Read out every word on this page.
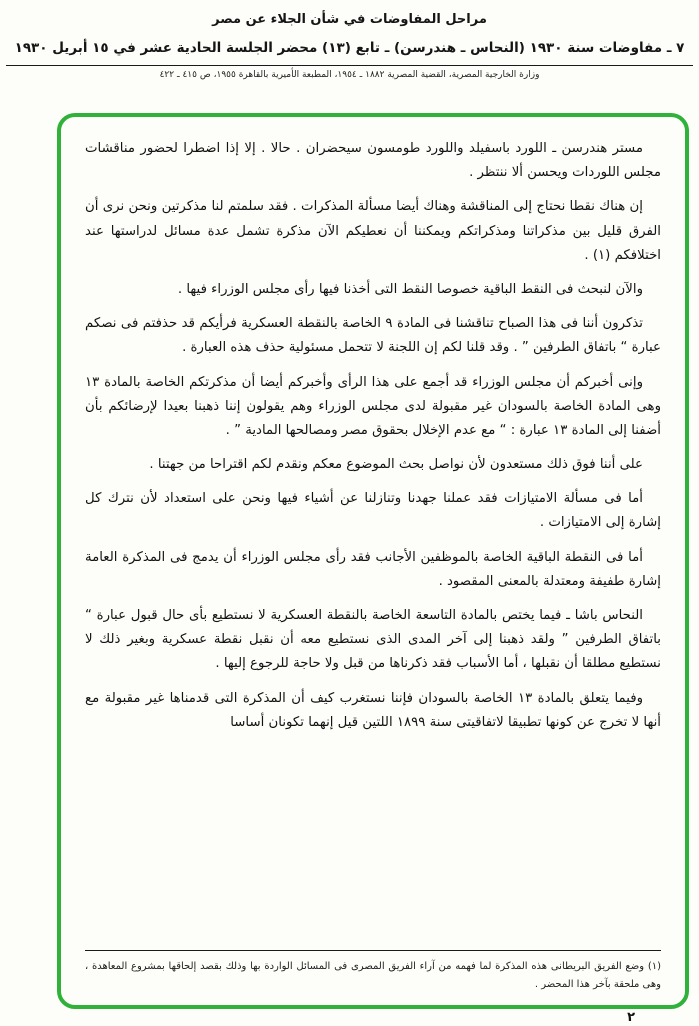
مراحل المفاوضات في شأن الجلاء عن مصر
٧ ـ مفاوضات سنة ١٩٣٠ (النحاس ـ هندرسن) ـ تابع (١٣) محضر الجلسة الحادية عشر في ١٥ أبريل ١٩٣٠
وزارة الخارجية المصرية، القضية المصرية ١٨٨٢ ـ ١٩٥٤، المطبعة الأميرية بالقاهرة ١٩٥٥، ص ٤١٥ ـ ٤٢٢

مستر هندرسن ـ اللورد باسفيلد واللورد طومسون سيحضران . حالا . إلا إذا اضطرا لحضور مناقشات مجلس اللوردات ويحسن ألا ننتظر .

إن هناك نقطا نحتاج إلى المناقشة وهناك أيضا مسألة المذكرات . فقد سلمتم لنا مذكرتين ونحن نرى أن الفرق قليل بين مذكراتنا ومذكراتكم ويمكننا أن نعطيكم الآن مذكرة تشمل عدة مسائل لدراستها عند اختلافكم (١) .

والآن لنبحث فى النقط الباقية خصوصا النقط التى أخذنا فيها رأى مجلس الوزراء فيها .

تذكرون أننا فى هذا الصباح تناقشنا فى المادة ٩ الخاصة بالنقطة العسكرية فرأيكم قد حذفتم فى نصكم عبارة “ باتفاق الطرفين ” . وقد قلنا لكم إن اللجنة لا تتحمل مسئولية حذف هذه العبارة .

وإنى أخبركم أن مجلس الوزراء قد أجمع على هذا الرأى وأخبركم أيضا أن مذكرتكم الخاصة بالمادة ١٣ وهى المادة الخاصة بالسودان غير مقبولة لدى مجلس الوزراء وهم يقولون إننا ذهبنا بعيدا لإرضائكم بأن أضفنا إلى المادة ١٣ عبارة : “ مع عدم الإخلال بحقوق مصر ومصالحها المادية ” .

على أننا فوق ذلك مستعدون لأن نواصل بحث الموضوع معكم ونقدم لكم اقتراحا من جهتنا .

أما فى مسألة الامتيازات فقد عملنا جهدنا وتنازلنا عن أشياء فيها ونحن على استعداد لأن نترك كل إشارة إلى الامتيازات .

أما فى النقطة الباقية الخاصة بالموظفين الأجانب فقد رأى مجلس الوزراء أن يدمج فى المذكرة العامة إشارة طفيفة ومعتدلة بالمعنى المقصود .

النحاس باشا ـ فيما يختص بالمادة التاسعة الخاصة بالنقطة العسكرية لا نستطيع بأى حال قبول عبارة “ باتفاق الطرفين ” ولقد ذهبنا إلى آخر المدى الذى نستطيع معه أن نقبل نقطة عسكرية وبغير ذلك لا نستطيع مطلقا أن نقبلها ، أما الأسباب فقد ذكرناها من قبل ولا حاجة للرجوع إليها .

وفيما يتعلق بالمادة ١٣ الخاصة بالسودان فإننا نستغرب كيف أن المذكرة التى قدمناها غير مقبولة مع أنها لا تخرج عن كونها تطبيقا لاتفاقيتى سنة ١٨٩٩ اللتين قيل إنهما تكونان أساسا

(١) وضع الفريق البريطانى هذه المذكرة لما فهمه من آراء الفريق المصرى فى المسائل الواردة بها وذلك بقصد إلحاقها بمشروع المعاهدة ، وهى ملحقة بآخر هذا المحضر .

٢
